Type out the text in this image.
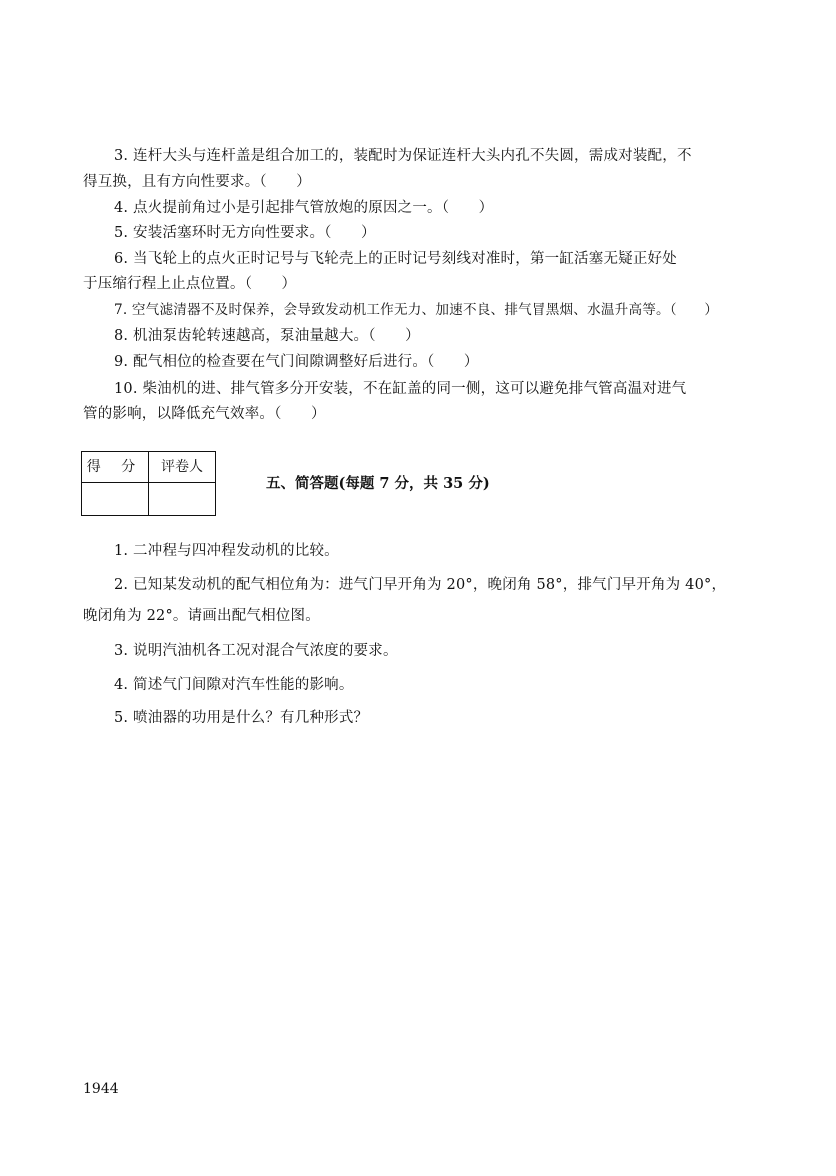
3. 连杆大头与连杆盖是组合加工的，装配时为保证连杆大头内孔不失圆，需成对装配，不
得互换，且有方向性要求。（　　）
4. 点火提前角过小是引起排气管放炮的原因之一。（　　）
5. 安装活塞环时无方向性要求。（　　）
6. 当飞轮上的点火正时记号与飞轮壳上的正时记号刻线对准时，第一缸活塞无疑正好处
于压缩行程上止点位置。（　　）
7. 空气滤清器不及时保养，会导致发动机工作无力、加速不良、排气冒黑烟、水温升高等。（　　）
8. 机油泵齿轮转速越高，泵油量越大。（　　）
9. 配气相位的检查要在气门间隙调整好后进行。（　　）
10. 柴油机的进、排气管多分开安装，不在缸盖的同一侧，这可以避免排气管高温对进气
管的影响，以降低充气效率。（　　）
得 分	评卷人
五、简答题(每题 7 分，共 35 分)
1. 二冲程与四冲程发动机的比较。
2. 已知某发动机的配气相位角为：进气门早开角为 20°，晚闭角 58°，排气门早开角为 40°，
晚闭角为 22°。请画出配气相位图。
3. 说明汽油机各工况对混合气浓度的要求。
4. 简述气门间隙对汽车性能的影响。
5. 喷油器的功用是什么？有几种形式？
1944
